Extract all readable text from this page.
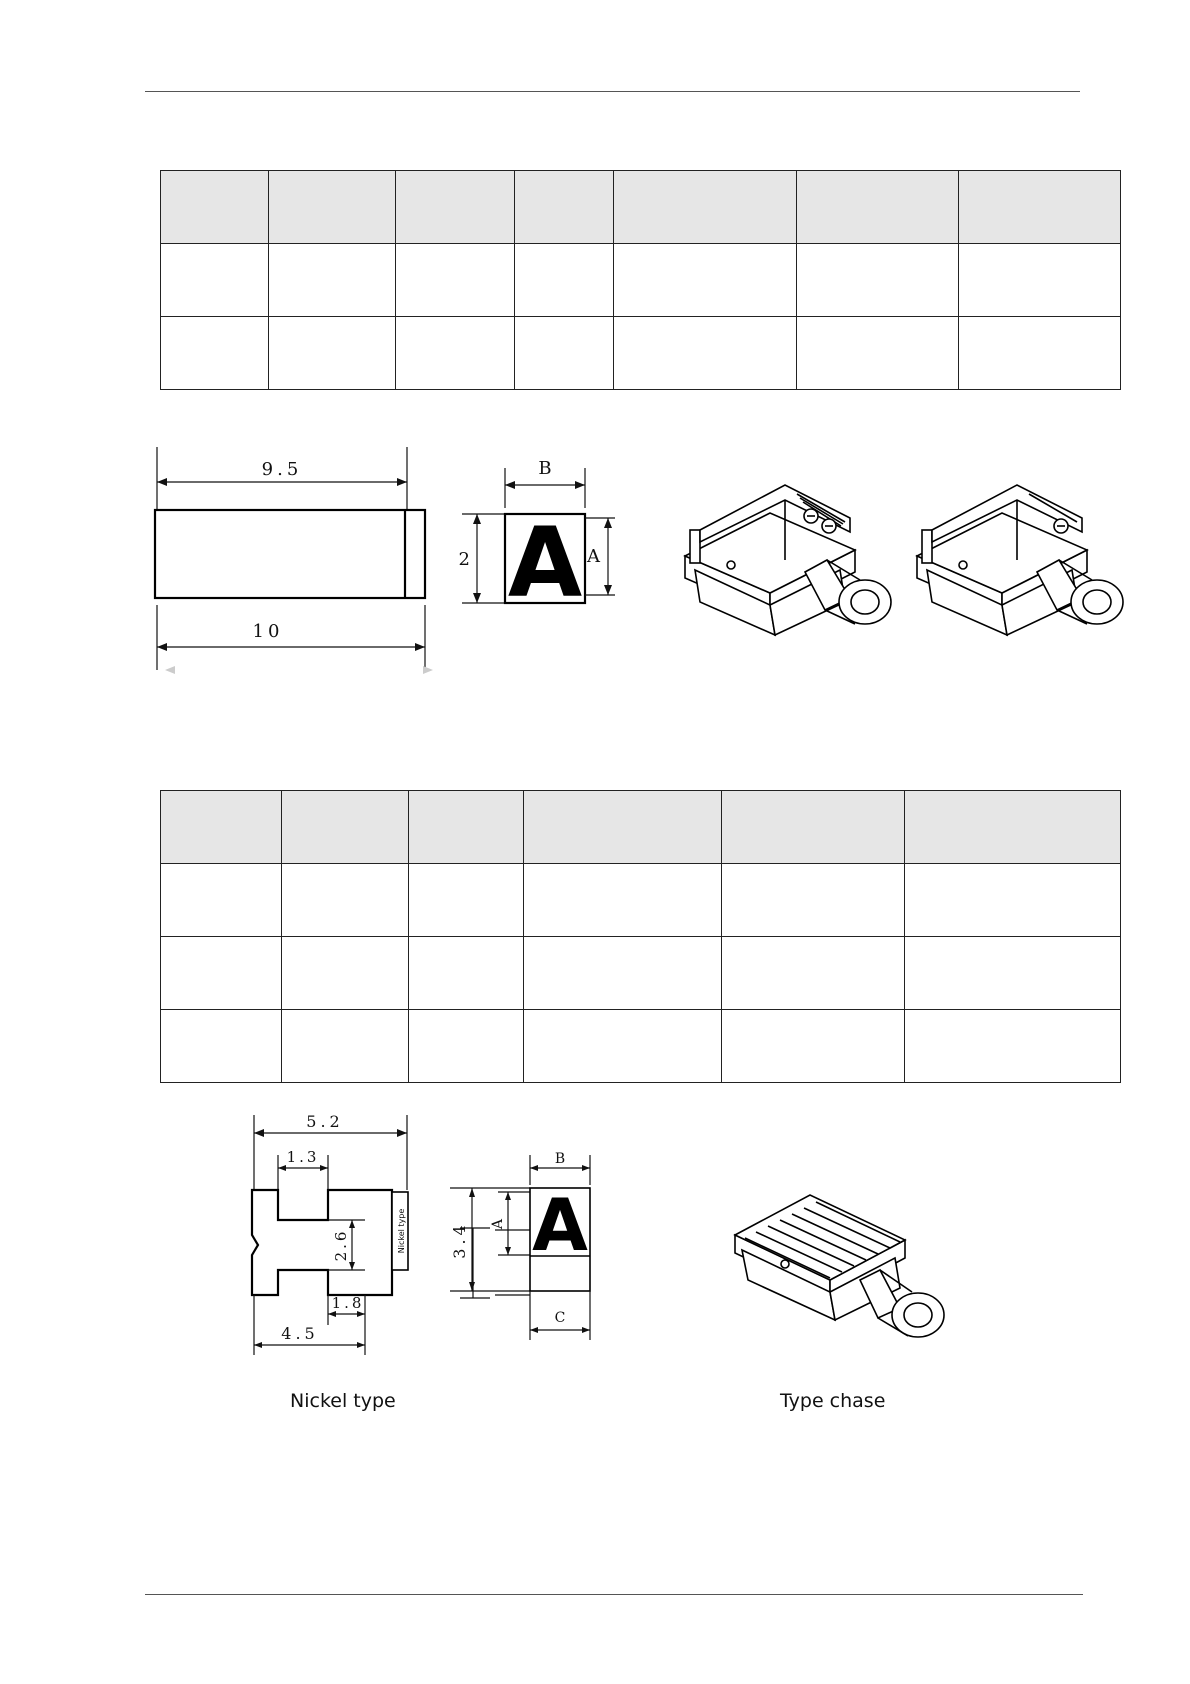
9.5
10
B
2 A A

5.2
1.3
Nickel type
2.6
1.8
4.5
B
3.4 A A
C
Nickel type	Type chase
